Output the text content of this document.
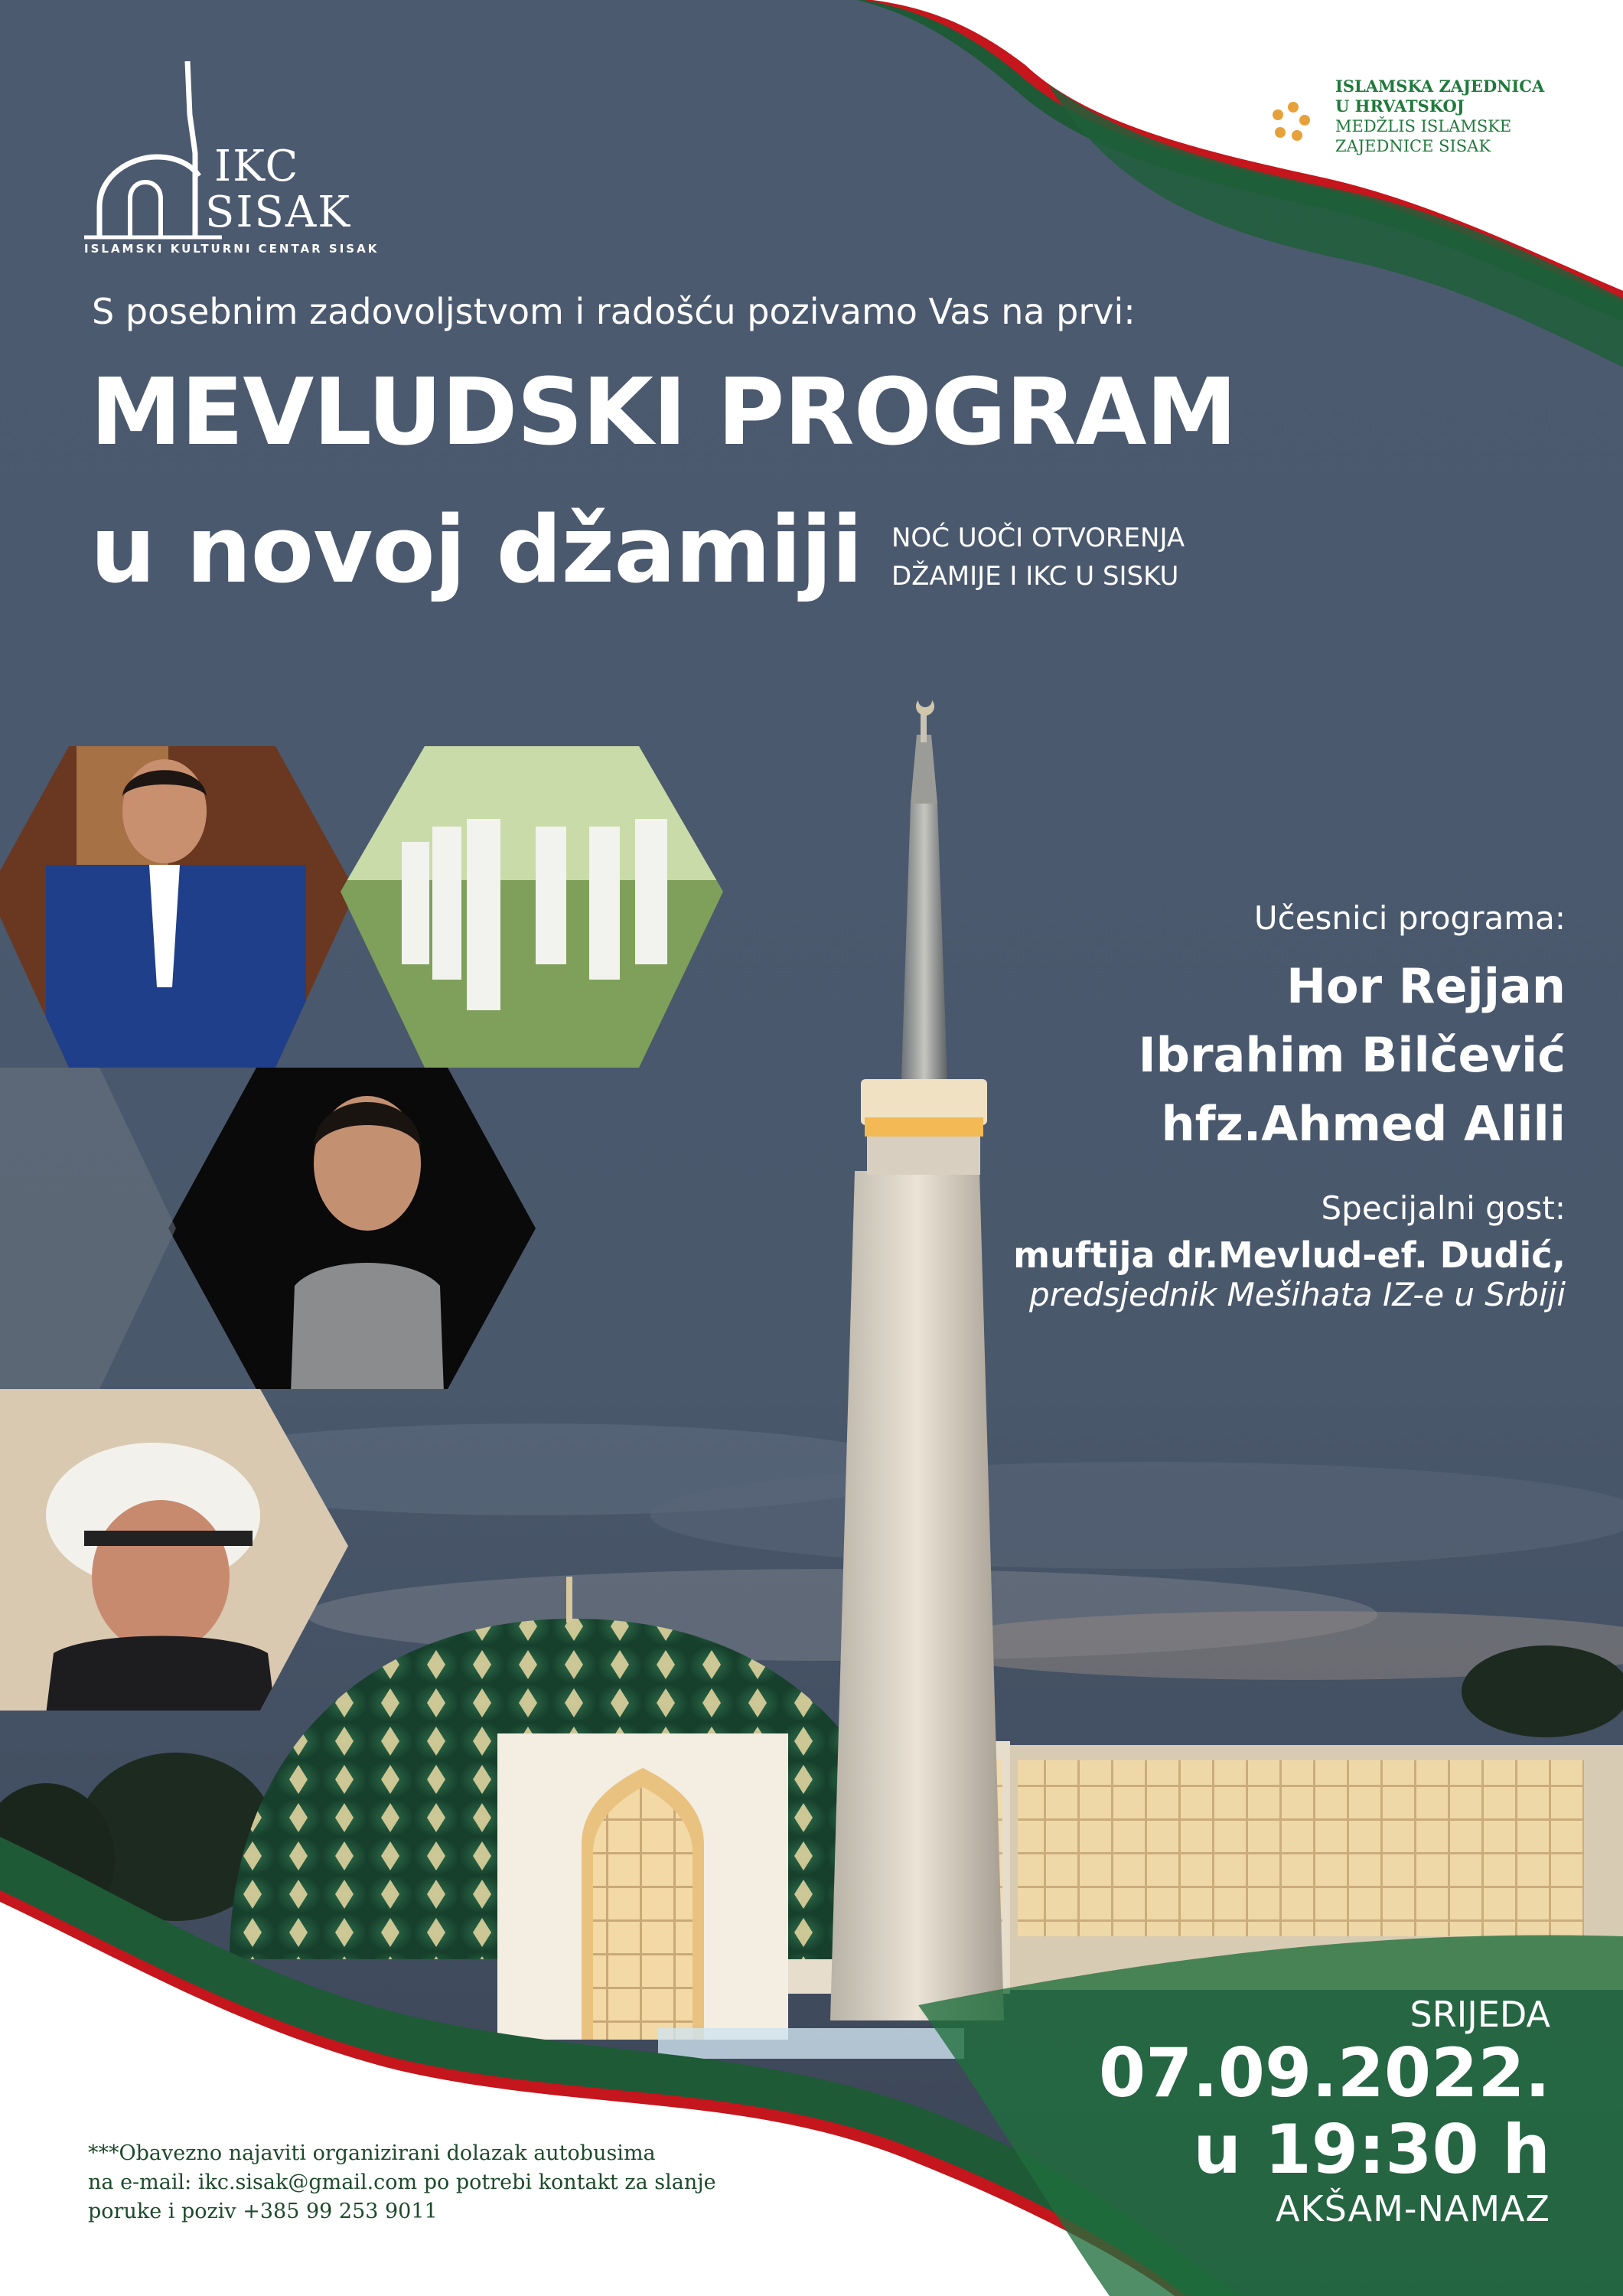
IKC
SISAK
ISLAMSKI KULTURNI CENTAR SISAK
ISLAMSKA ZAJEDNICA
U HRVATSKOJ
MEDŽLIS ISLAMSKE
ZAJEDNICE SISAK
S posebnim zadovoljstvom i radošću pozivamo Vas na prvi:
MEVLUDSKI PROGRAM
u novoj džamiji NOĆ UOČI OTVORENJA
DŽAMIJE I IKC U SISKU
Učesnici programa:
Hor Rejjan
Ibrahim Bilčević
hfz.Ahmed Alili
Specijalni gost:
muftija dr.Mevlud-ef. Dudić,
predsjednik Mešihata IZ-e u Srbiji
SRIJEDA
07.09.2022.
u 19:30 h
AKŠAM-NAMAZ
***Obavezno najaviti organizirani dolazak autobusima
na e-mail: ikc.sisak@gmail.com po potrebi kontakt za slanje
poruke i poziv +385 99 253 9011
